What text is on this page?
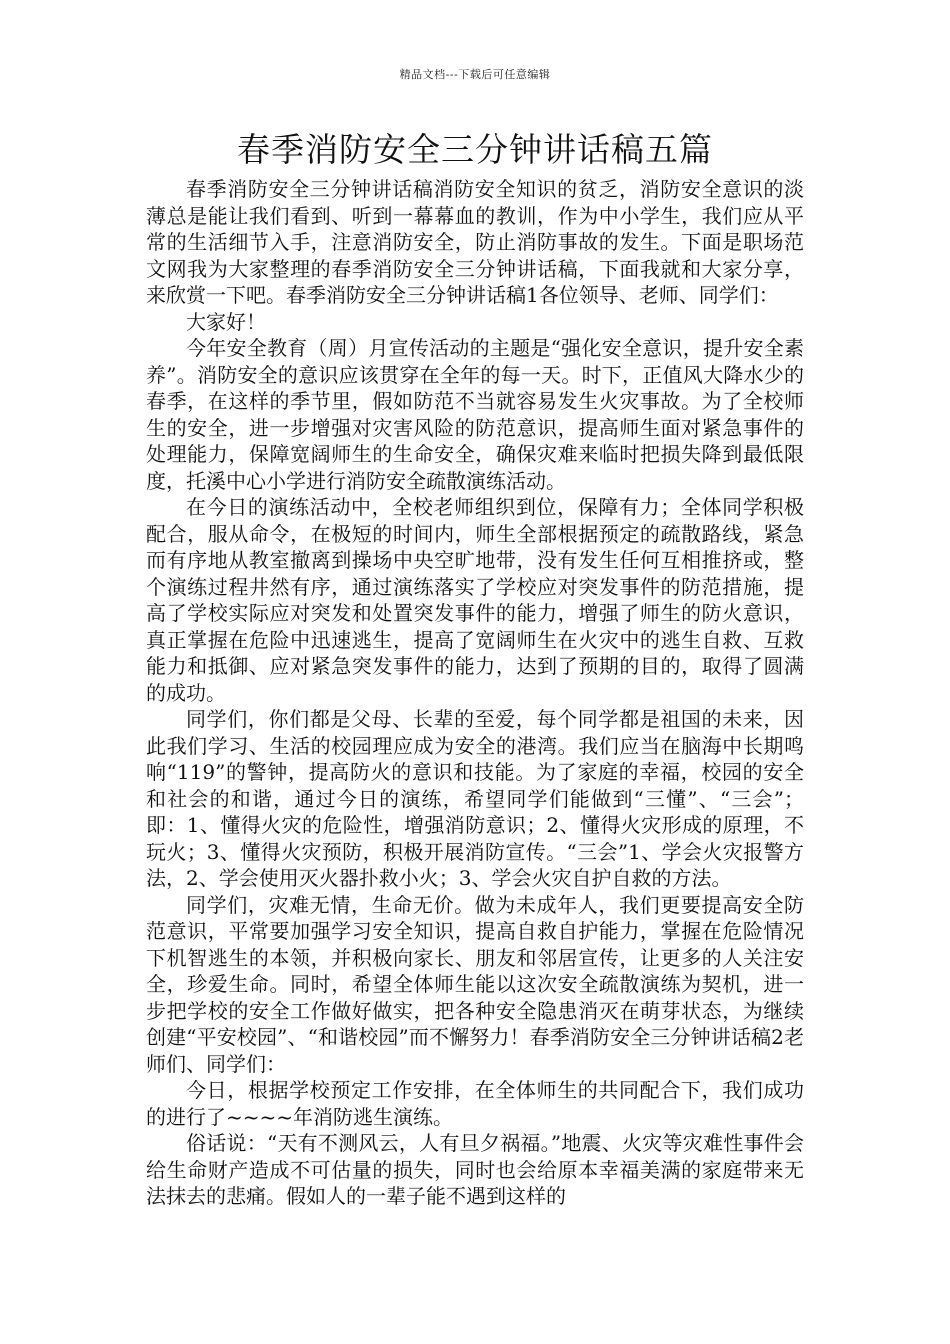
精品文档---下载后可任意编辑
春季消防安全三分钟讲话稿五篇

春季消防安全三分钟讲话稿消防安全知识的贫乏，消防安全意识的淡薄总是能让我们看到、听到一幕幕血的教训，作为中小学生，我们应从平常的生活细节入手，注意消防安全，防止消防事故的发生。下面是职场范文网我为大家整理的春季消防安全三分钟讲话稿，下面我就和大家分享，来欣赏一下吧。春季消防安全三分钟讲话稿1各位领导、老师、同学们：

大家好！

今年安全教育（周）月宣传活动的主题是“强化安全意识，提升安全素养”。消防安全的意识应该贯穿在全年的每一天。时下，正值风大降水少的春季，在这样的季节里，假如防范不当就容易发生火灾事故。为了全校师生的安全，进一步增强对灾害风险的防范意识，提高师生面对紧急事件的处理能力，保障宽阔师生的生命安全，确保灾难来临时把损失降到最低限度，托溪中心小学进行消防安全疏散演练活动。

在今日的演练活动中，全校老师组织到位，保障有力；全体同学积极配合，服从命令，在极短的时间内，师生全部根据预定的疏散路线，紧急而有序地从教室撤离到操场中央空旷地带，没有发生任何互相推挤或，整个演练过程井然有序，通过演练落实了学校应对突发事件的防范措施，提高了学校实际应对突发和处置突发事件的能力，增强了师生的防火意识，真正掌握在危险中迅速逃生，提高了宽阔师生在火灾中的逃生自救、互救能力和抵御、应对紧急突发事件的能力，达到了预期的目的，取得了圆满的成功。

同学们，你们都是父母、长辈的至爱，每个同学都是祖国的未来，因此我们学习、生活的校园理应成为安全的港湾。我们应当在脑海中长期鸣响“119”的警钟，提高防火的意识和技能。为了家庭的幸福，校园的安全和社会的和谐，通过今日的演练，希望同学们能做到“三懂”、“三会”；即：1、懂得火灾的危险性，增强消防意识；2、懂得火灾形成的原理，不玩火；3、懂得火灾预防，积极开展消防宣传。“三会”1、学会火灾报警方法，2、学会使用灭火器扑救小火；3、学会火灾自护自救的方法。

同学们，灾难无情，生命无价。做为未成年人，我们更要提高安全防范意识，平常要加强学习安全知识，提高自救自护能力，掌握在危险情况下机智逃生的本领，并积极向家长、朋友和邻居宣传，让更多的人关注安全，珍爱生命。同时，希望全体师生能以这次安全疏散演练为契机，进一步把学校的安全工作做好做实，把各种安全隐患消灭在萌芽状态，为继续创建“平安校园”、“和谐校园”而不懈努力！春季消防安全三分钟讲话稿2老师们、同学们：

今日，根据学校预定工作安排，在全体师生的共同配合下，我们成功的进行了~~~~年消防逃生演练。

俗话说：“天有不测风云，人有旦夕祸福。”地震、火灾等灾难性事件会给生命财产造成不可估量的损失，同时也会给原本幸福美满的家庭带来无法抹去的悲痛。假如人的一辈子能不遇到这样的
